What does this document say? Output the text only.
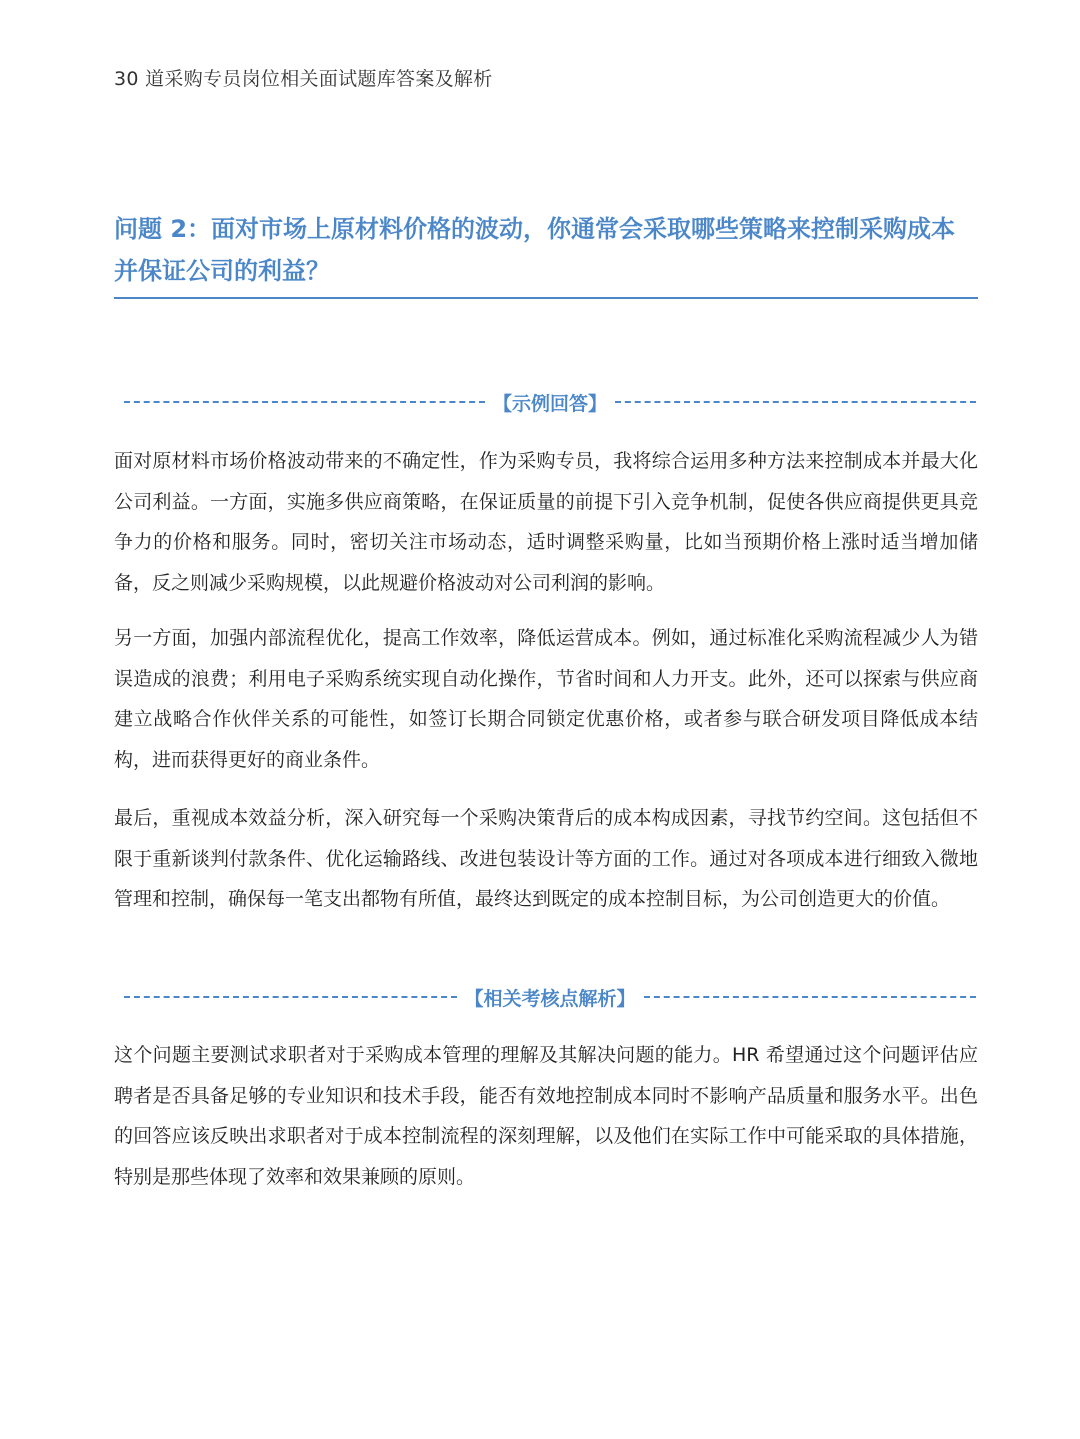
30 道采购专员岗位相关面试题库答案及解析
问题 2：面对市场上原材料价格的波动，你通常会采取哪些策略来控制采购成本并保证公司的利益？
【示例回答】

面对原材料市场价格波动带来的不确定性，作为采购专员，我将综合运用多种方法来控制成本并最大化公司利益。一方面，实施多供应商策略，在保证质量的前提下引入竞争机制，促使各供应商提供更具竞争力的价格和服务。同时，密切关注市场动态，适时调整采购量，比如当预期价格上涨时适当增加储备，反之则减少采购规模，以此规避价格波动对公司利润的影响。

另一方面，加强内部流程优化，提高工作效率，降低运营成本。例如，通过标准化采购流程减少人为错误造成的浪费；利用电子采购系统实现自动化操作，节省时间和人力开支。此外，还可以探索与供应商建立战略合作伙伴关系的可能性，如签订长期合同锁定优惠价格，或者参与联合研发项目降低成本结构，进而获得更好的商业条件。

最后，重视成本效益分析，深入研究每一个采购决策背后的成本构成因素，寻找节约空间。这包括但不限于重新谈判付款条件、优化运输路线、改进包装设计等方面的工作。通过对各项成本进行细致入微地管理和控制，确保每一笔支出都物有所值，最终达到既定的成本控制目标，为公司创造更大的价值。

【相关考核点解析】

这个问题主要测试求职者对于采购成本管理的理解及其解决问题的能力。HR 希望通过这个问题评估应聘者是否具备足够的专业知识和技术手段，能否有效地控制成本同时不影响产品质量和服务水平。出色的回答应该反映出求职者对于成本控制流程的深刻理解，以及他们在实际工作中可能采取的具体措施，特别是那些体现了效率和效果兼顾的原则。
